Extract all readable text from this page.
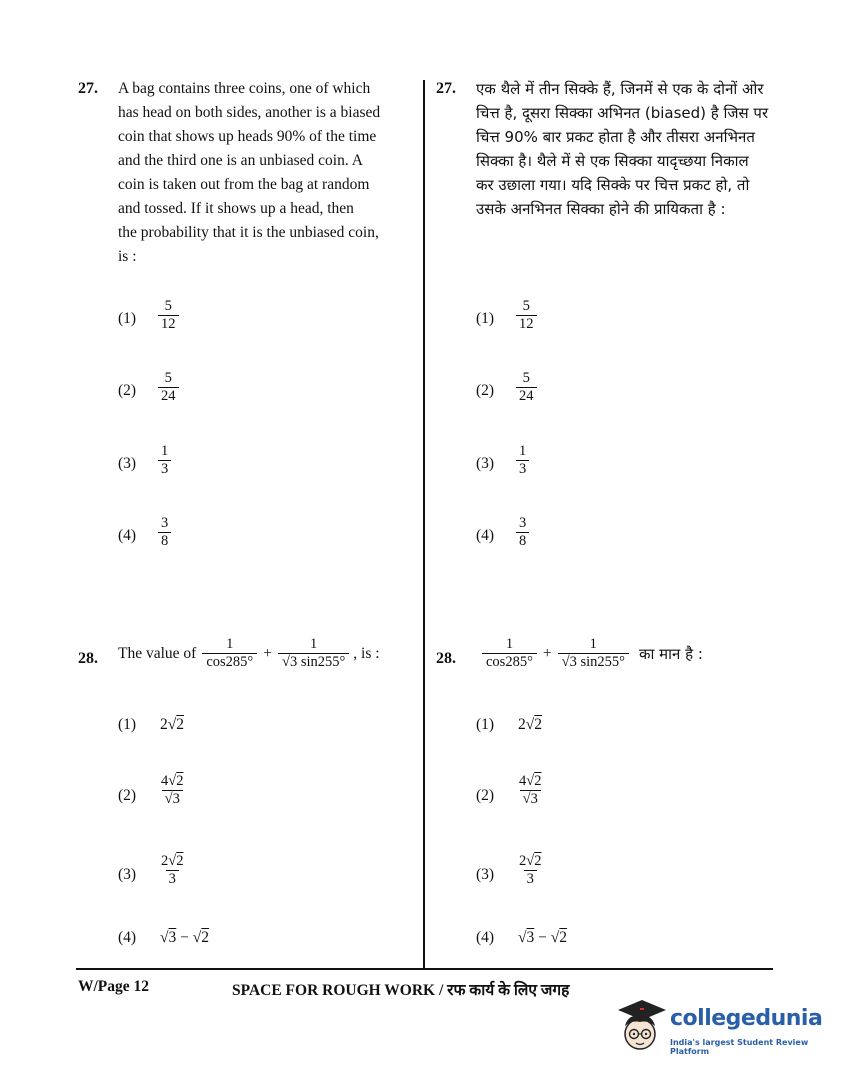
27. A bag contains three coins, one of which
has head on both sides, another is a biased
coin that shows up heads 90% of the time
and the third one is an unbiased coin. A
coin is taken out from the bag at random
and tossed. If it shows up a head, then
the probability that it is the unbiased coin,
is :
$(1) \frac{5}{12}$
$(2) \frac{5}{24}$
$(3) \frac{1}{3}$
$(4) \frac{3}{8}$
27. एक थैले में तीन सिक्के हैं, जिनमें से एक के दोनों ओर
चित्त है, दूसरा सिक्का अभिनत (biased) है जिस पर
चित्त 90% बार प्रकट होता है और तीसरा अनभिनत
सिक्का है। थैले में से एक सिक्का यादृच्छया निकाल
कर उछाला गया। यदि सिक्के पर चित्त प्रकट हो, तो
उसके अनभिनत सिक्का होने की प्रायिकता है :
$(1) \frac{5}{12}$
$(2) \frac{5}{24}$
$(3) \frac{1}{3}$
$(4) \frac{3}{8}$
28. The value of $\frac{1}{\cos 285^\circ} + \frac{1}{√3 \sin 255^\circ}$ , is :
(1) 2√2
$(2) \frac{4√2}{√3}$
$(3) \frac{2√2}{3}$
(4) √3 − √2
28. $\frac{1}{\cos 285^\circ} + \frac{1}{√3 \sin 255^\circ}$ का मान है :
(1) 2√2
$(2) \frac{4√2}{√3}$
$(3) \frac{2√2}{3}$
(4) √3 − √2
W/Page 12	SPACE FOR ROUGH WORK / रफ कार्य के लिए जगह
collegedunia
India's largest Student Review Platform
